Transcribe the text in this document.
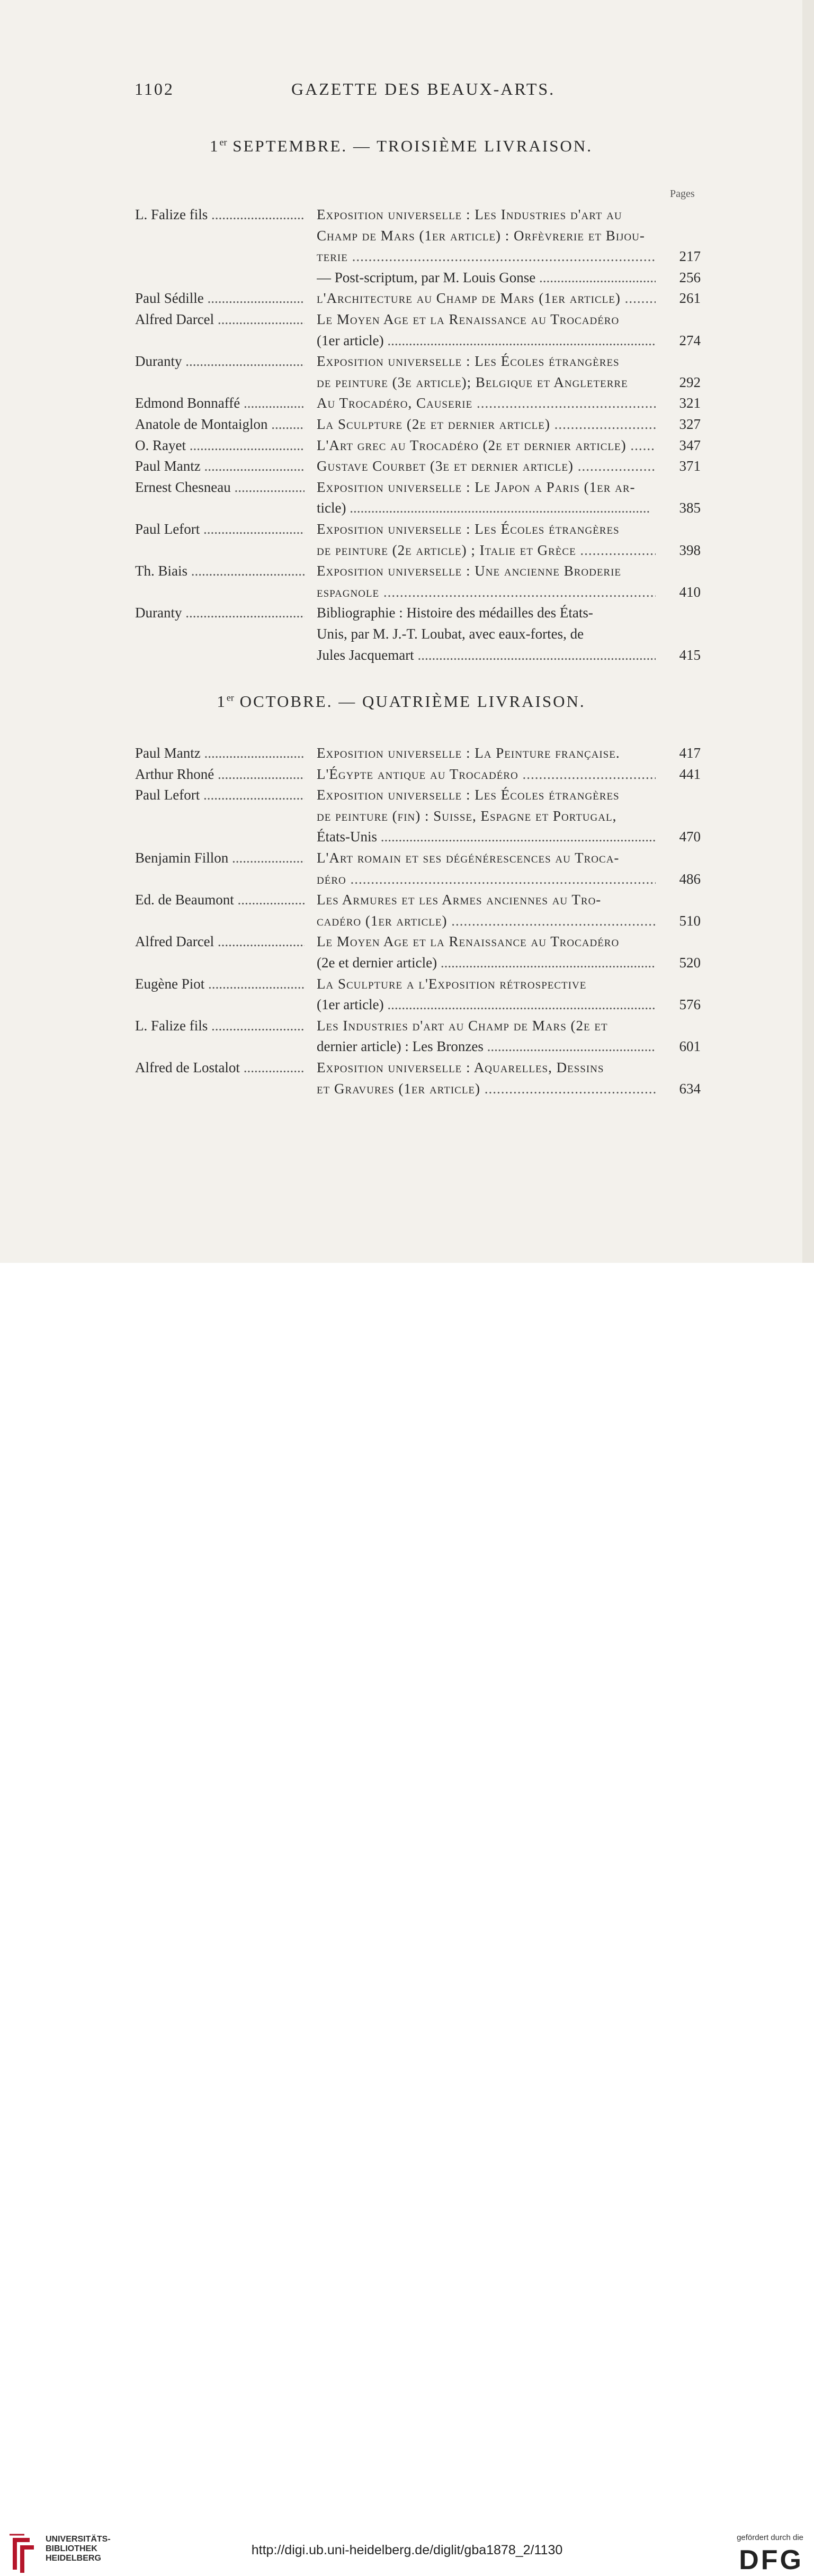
1102	GAZETTE DES BEAUX-ARTS.
1er SEPTEMBRE. — TROISIÈME LIVRAISON.
Pages
1er OCTOBRE. — QUATRIÈME LIVRAISON.
L. Falize fils .....	Exposition universelle : Les Industries d'art au
Champ de Mars (1er article) : Orfèvrerie et Bijou-
terie .....	217
— Post-scriptum, par M. Louis Gonse .....	256
Paul Sédille .....	l'Architecture au Champ de Mars (1er article) .....	261
Alfred Darcel .....	Le Moyen Age et la Renaissance au Trocadéro
(1er article) .....	274
Duranty .....	Exposition universelle : Les Écoles étrangères
de peinture (3e article); Belgique et Angleterre	292
Edmond Bonnaffé .....	Au Trocadéro, Causerie .....	321
Anatole de Montaiglon .....	La Sculpture (2e et dernier article) .....	327
O. Rayet .....	L'Art grec au Trocadéro (2e et dernier article) .....	347
Paul Mantz .....	Gustave Courbet (3e et dernier article) .....	371
Ernest Chesneau .....	Exposition universelle : Le Japon a Paris (1er ar-
ticle) .....	385
Paul Lefort .....	Exposition universelle : Les Écoles étrangères
de peinture (2e article) ; Italie et Grèce .....	398
Th. Biais .....	Exposition universelle : Une ancienne Broderie
espagnole .....	410
Duranty .....	Bibliographie : Histoire des médailles des États-
Unis, par M. J.-T. Loubat, avec eaux-fortes, de
Jules Jacquemart .....	415
Paul Mantz .....	Exposition universelle : La Peinture française.	417
Arthur Rhoné .....	L'Égypte antique au Trocadéro .....	441
Paul Lefort .....	Exposition universelle : Les Écoles étrangères
de peinture (fin) : Suisse, Espagne et Portugal,
États-Unis .....	470
Benjamin Fillon .....	L'Art romain et ses dégénérescences au Troca-
déro .....	486
Ed. de Beaumont .....	Les Armures et les Armes anciennes au Tro-
cadéro (1er article) .....	510
Alfred Darcel .....	Le Moyen Age et la Renaissance au Trocadéro
(2e et dernier article) .....	520
Eugène Piot .....	La Sculpture a l'Exposition rétrospective
(1er article) .....	576
L. Falize fils .....	Les Industries d'art au Champ de Mars (2e et
dernier article) : Les Bronzes .....	601
Alfred de Lostalot .....	Exposition universelle : Aquarelles, Dessins
et Gravures (1er article) .....	634
UNIVERSITÄTS-
BIBLIOTHEK
HEIDELBERG
http://digi.ub.uni-heidelberg.de/diglit/gba1878_2/1130
gefördert durch die
DFG
